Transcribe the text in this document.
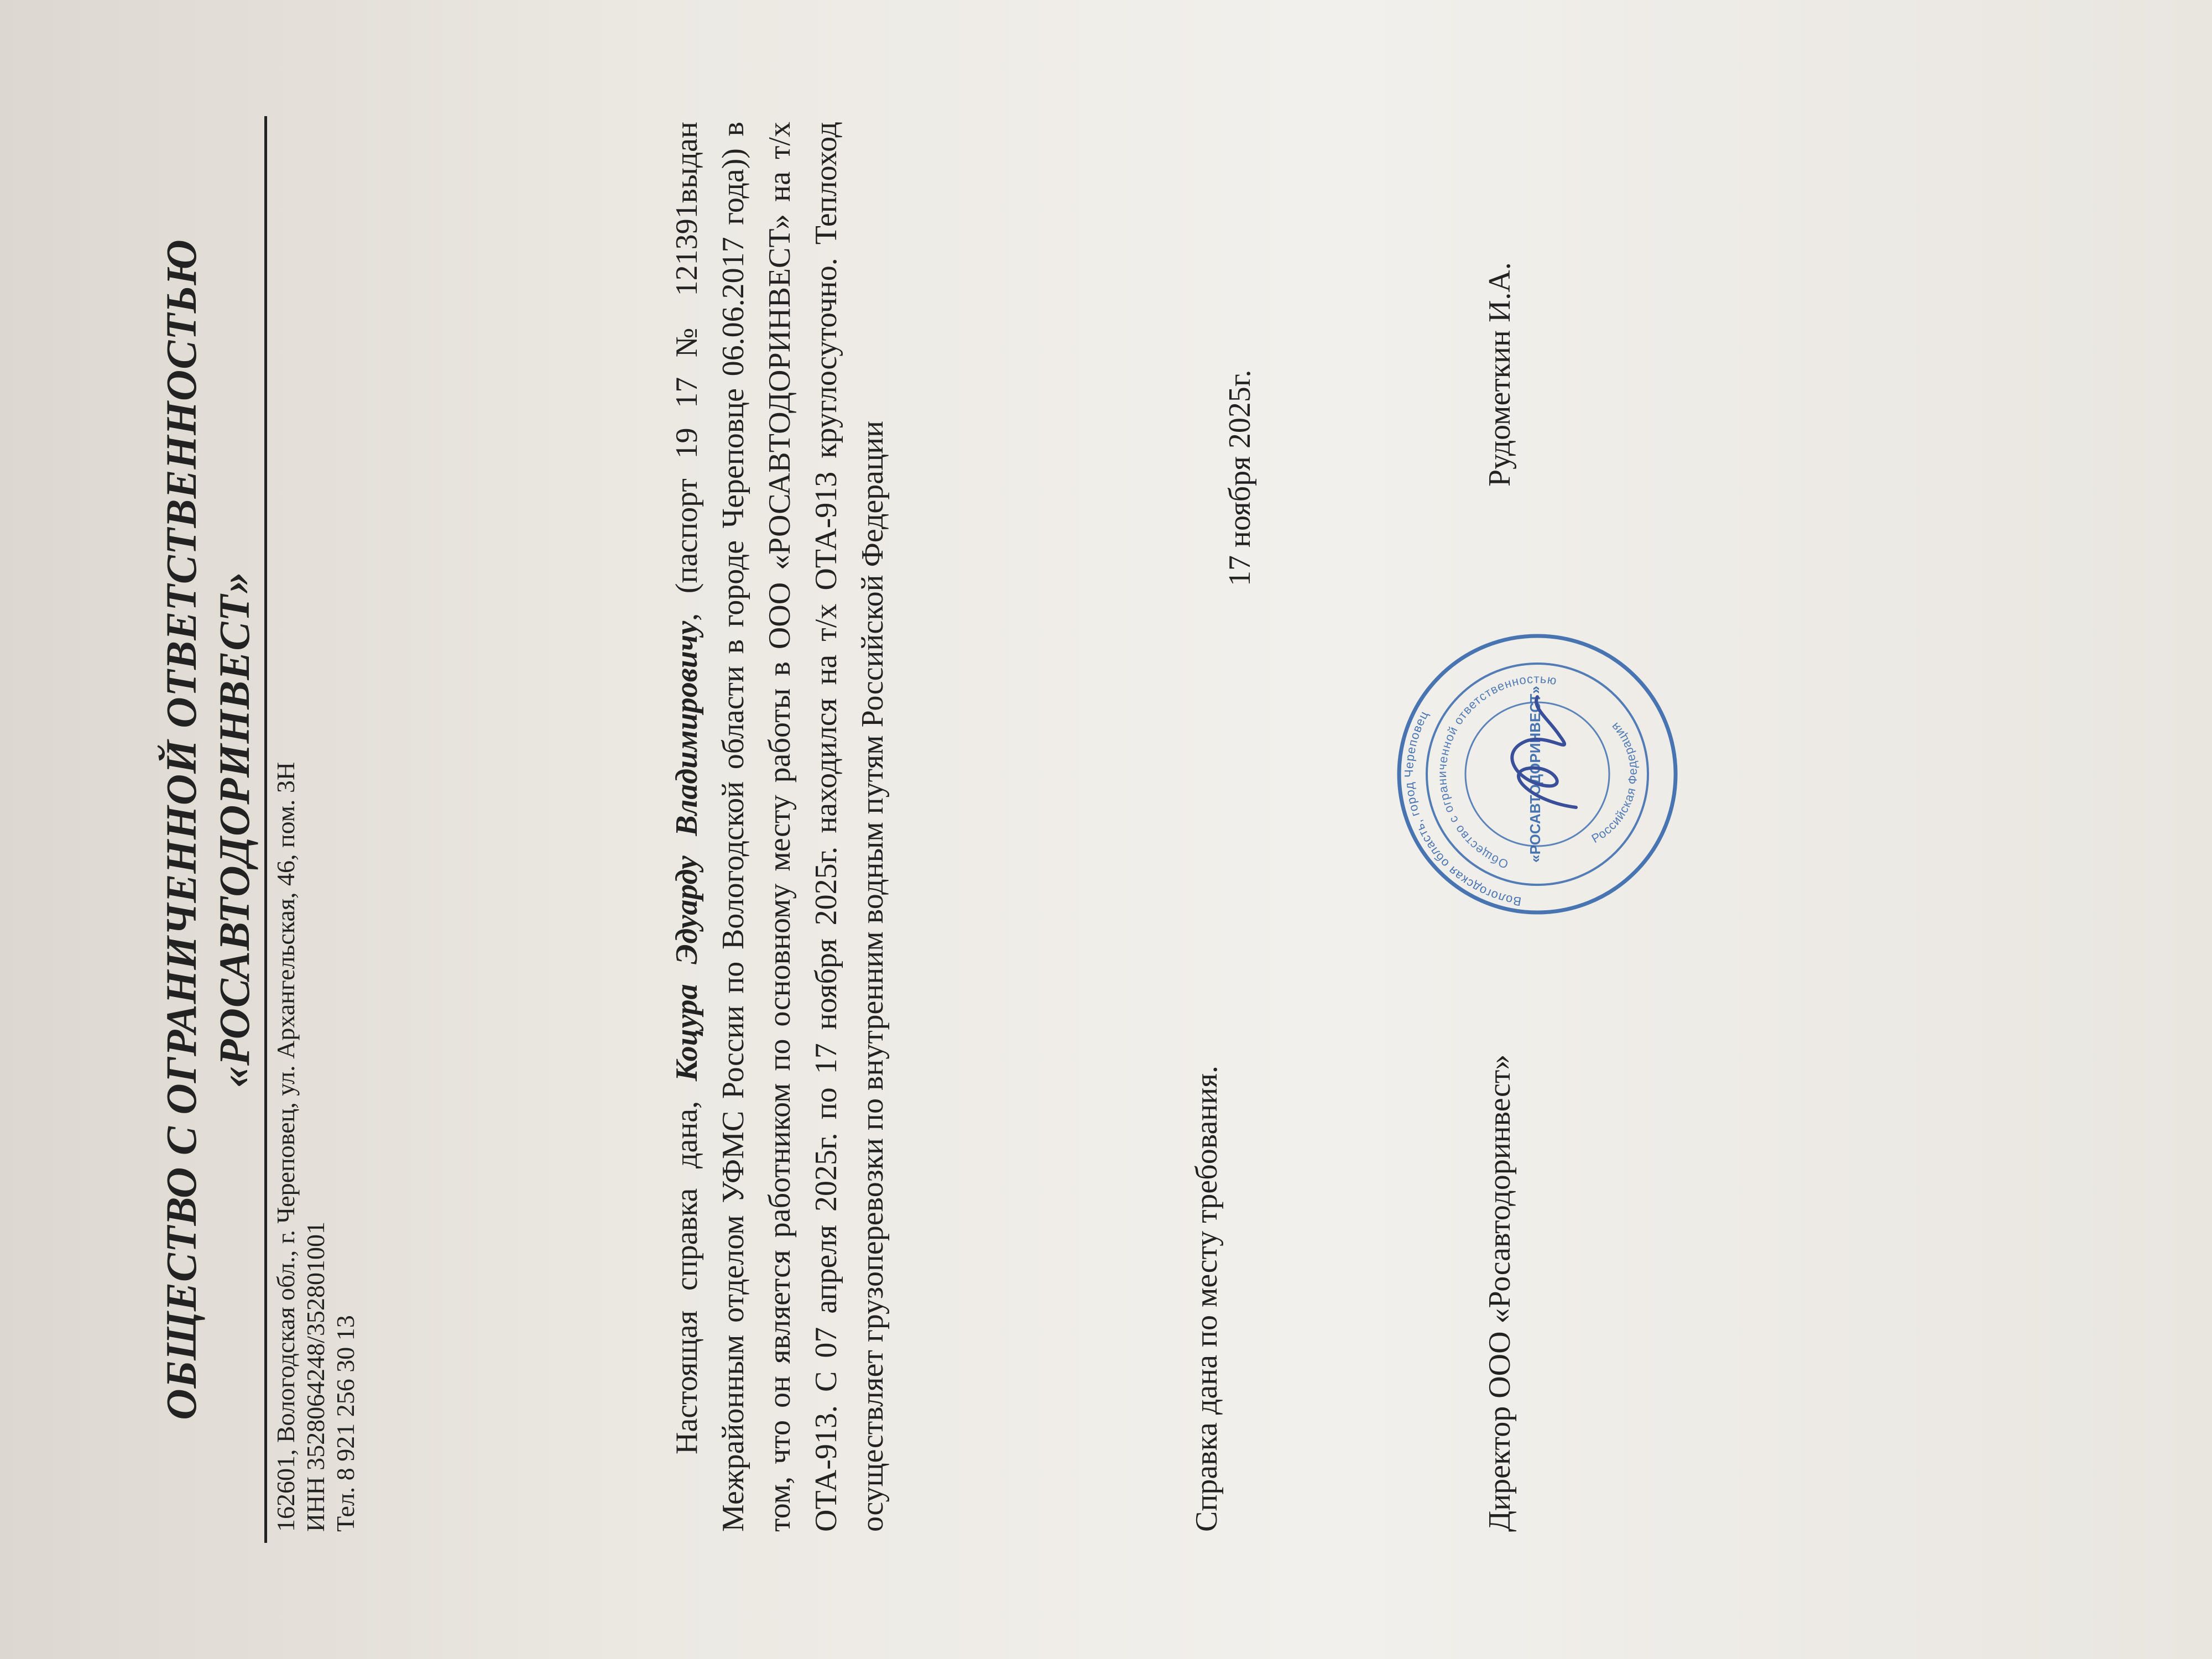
ОБЩЕСТВО С ОГРАНИЧЕННОЙ ОТВЕТСТВЕННОСТЬЮ «РОСАВТОДОРИНВЕСТ» 162601, Вологодская обл., г. Череповец, ул. Архангельская, 46, пом. 3Н ИНН 3528064248/352801001 Тел. 8 921 256 30 13	Настоящая справка дана, Коцура Эдуарду Владимировичу, (паспорт 19 17 № 121391выдан Межрайонным отделом УФМС России по Вологодской области в городе Череповце 06.06.2017 года)) в том, что он является работником по основному месту работы в ООО «РОСАВТОДОРИНВЕСТ» на т/х ОТА-913. С 07 апреля 2025г. по 17 ноября 2025г. находился на т/х ОТА-913 круглосуточно. Теплоход осуществляет грузоперевозки по внутренним водным путям Российской Федерации	Справка дана по месту требования.
17 ноября 2025г.
Директор ООО «Росавтодоринвест»
Рудометкин И.А.
Вологодская область, город Череповец
Общество с ограниченной ответственностью
«РОСАВТОДОРИНВЕСТ»	Российская Федерация
